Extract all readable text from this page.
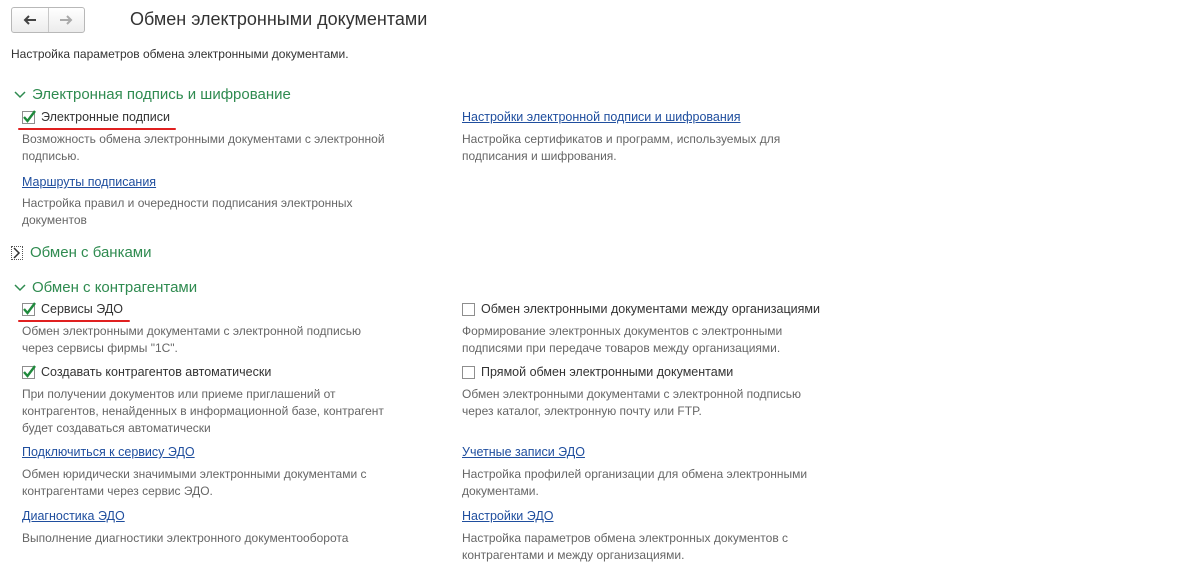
Обмен электронными документами
Настройка параметров обмена электронными документами.
Электронная подпись и шифрование
Электронные подписи
Возможность обмена электронными документами с электронной
подписью.
Маршруты подписания
Настройка правил и очередности подписания электронных
документов
Настройки электронной подписи и шифрования
Настройка сертификатов и программ, используемых для
подписания и шифрования.
Обмен с банками
Обмен с контрагентами
Сервисы ЭДО
Обмен электронными документами с электронной подписью
через сервисы фирмы "1С".
Создавать контрагентов автоматически
При получении документов или приеме приглашений от
контрагентов, ненайденных в информационной базе, контрагент
будет создаваться автоматически
Подключиться к сервису ЭДО
Обмен юридически значимыми электронными документами с
контрагентами через сервис ЭДО.
Диагностика ЭДО
Выполнение диагностики электронного документооборота
Обмен электронными документами между организациями
Формирование электронных документов с электронными
подписями при передаче товаров между организациями.
Прямой обмен электронными документами
Обмен электронными документами с электронной подписью
через каталог, электронную почту или FTP.
Учетные записи ЭДО
Настройка профилей организации для обмена электронными
документами.
Настройки ЭДО
Настройка параметров обмена электронных документов с
контрагентами и между организациями.
